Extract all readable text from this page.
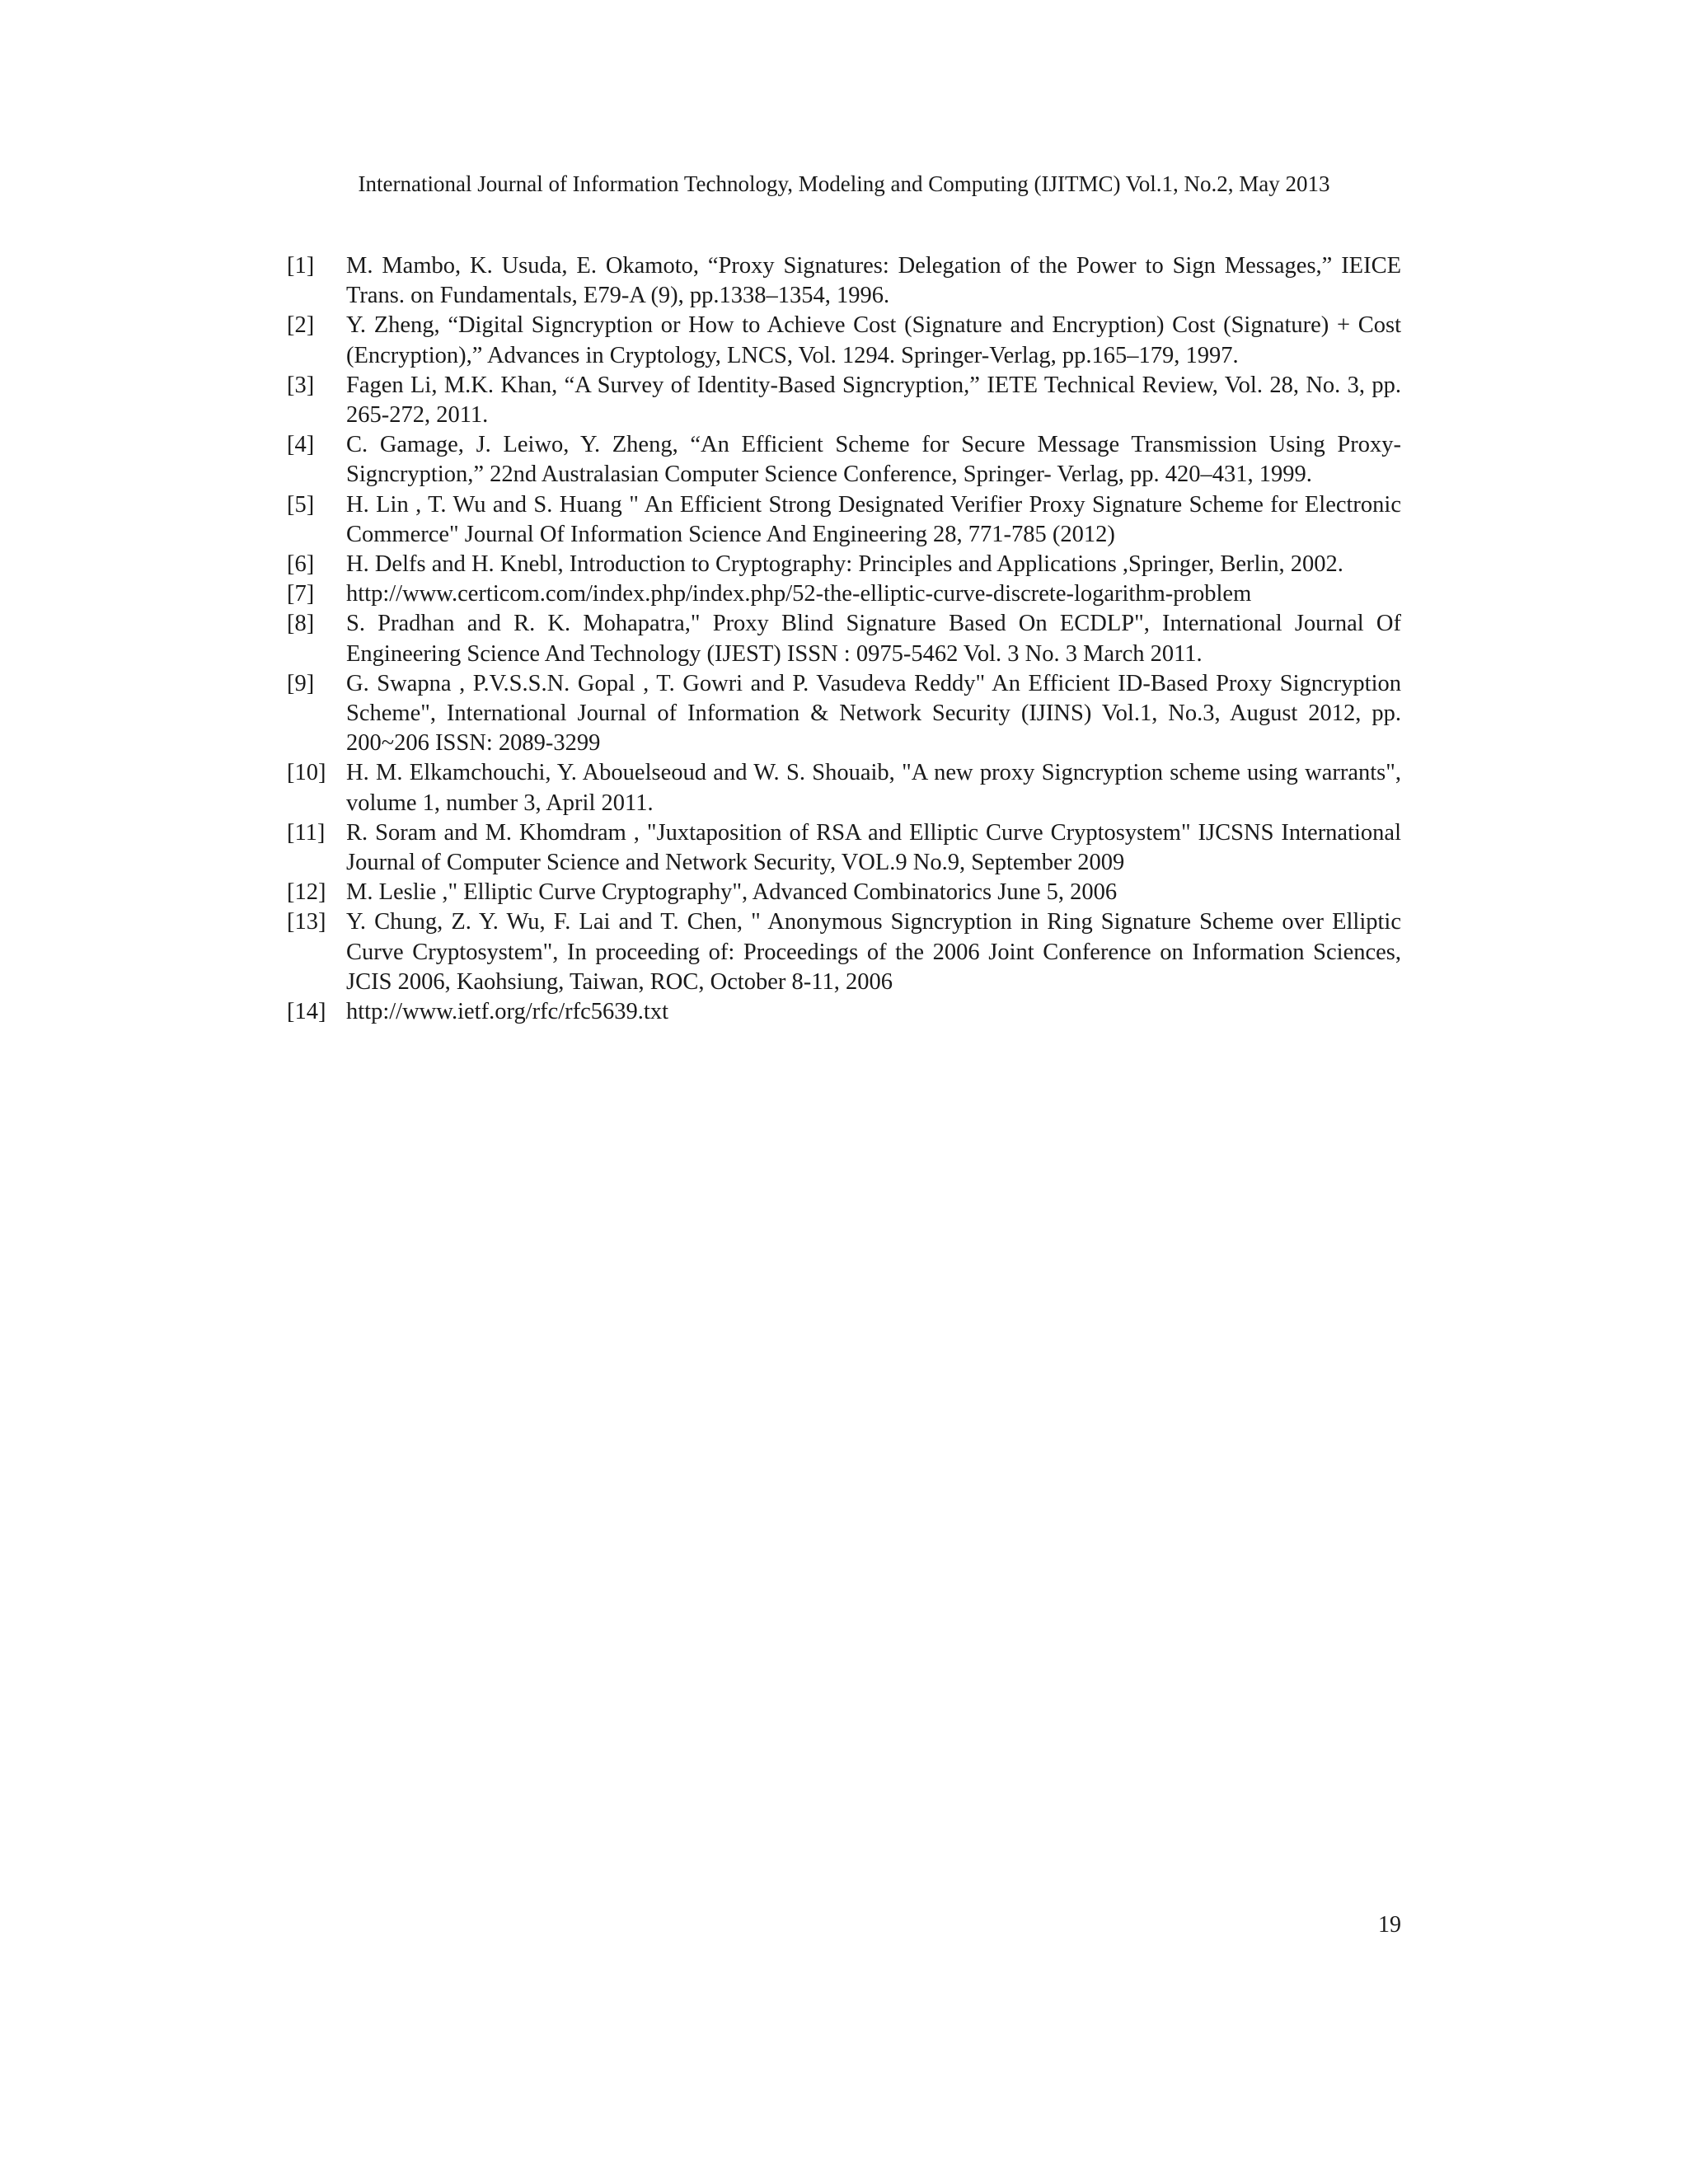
International Journal of Information Technology, Modeling and Computing (IJITMC) Vol.1, No.2, May 2013
[1]	M. Mambo, K. Usuda, E. Okamoto, “Proxy Signatures: Delegation of the Power to Sign Messages,” IEICE Trans. on Fundamentals, E79-A (9), pp.1338–1354, 1996.
[2]	Y. Zheng, “Digital Signcryption or How to Achieve Cost (Signature and Encryption) Cost (Signature) + Cost (Encryption),” Advances in Cryptology, LNCS, Vol. 1294. Springer-Verlag, pp.165–179, 1997.
[3]	Fagen Li, M.K. Khan, “A Survey of Identity-Based Signcryption,” IETE Technical Review, Vol. 28, No. 3, pp. 265-272, 2011.
[4]	C. Gamage, J. Leiwo, Y. Zheng, “An Efficient Scheme for Secure Message Transmission Using Proxy-Signcryption,” 22nd Australasian Computer Science Conference, Springer- Verlag, pp. 420–431, 1999.
[5]	H. Lin , T. Wu and S. Huang " An Efficient Strong Designated Verifier Proxy Signature Scheme for Electronic Commerce" Journal Of Information Science And Engineering 28, 771-785 (2012)
[6]	H. Delfs and H. Knebl, Introduction to Cryptography: Principles and Applications ,Springer, Berlin, 2002.
[7]	http://www.certicom.com/index.php/index.php/52-the-elliptic-curve-discrete-logarithm-problem
[8]	S. Pradhan and R. K. Mohapatra," Proxy Blind Signature Based On ECDLP", International Journal Of Engineering Science And Technology (IJEST) ISSN : 0975-5462 Vol. 3 No. 3 March 2011.
[9]	G. Swapna , P.V.S.S.N. Gopal , T. Gowri and P. Vasudeva Reddy" An Efficient ID-Based Proxy Signcryption Scheme", International Journal of Information & Network Security (IJINS) Vol.1, No.3, August 2012, pp. 200~206 ISSN: 2089-3299
[10] H. M. Elkamchouchi, Y. Abouelseoud and W. S. Shouaib, "A new proxy Signcryption scheme using warrants", volume 1, number 3, April 2011.
[11] R. Soram and M. Khomdram , "Juxtaposition of RSA and Elliptic Curve Cryptosystem" IJCSNS International Journal of Computer Science and Network Security, VOL.9 No.9, September 2009
[12] M. Leslie ," Elliptic Curve Cryptography", Advanced Combinatorics June 5, 2006
[13] Y. Chung, Z. Y. Wu, F. Lai and T. Chen, " Anonymous Signcryption in Ring Signature Scheme over Elliptic Curve Cryptosystem", In proceeding of: Proceedings of the 2006 Joint Conference on Information Sciences, JCIS 2006, Kaohsiung, Taiwan, ROC, October 8-11, 2006
[14] http://www.ietf.org/rfc/rfc5639.txt
19
